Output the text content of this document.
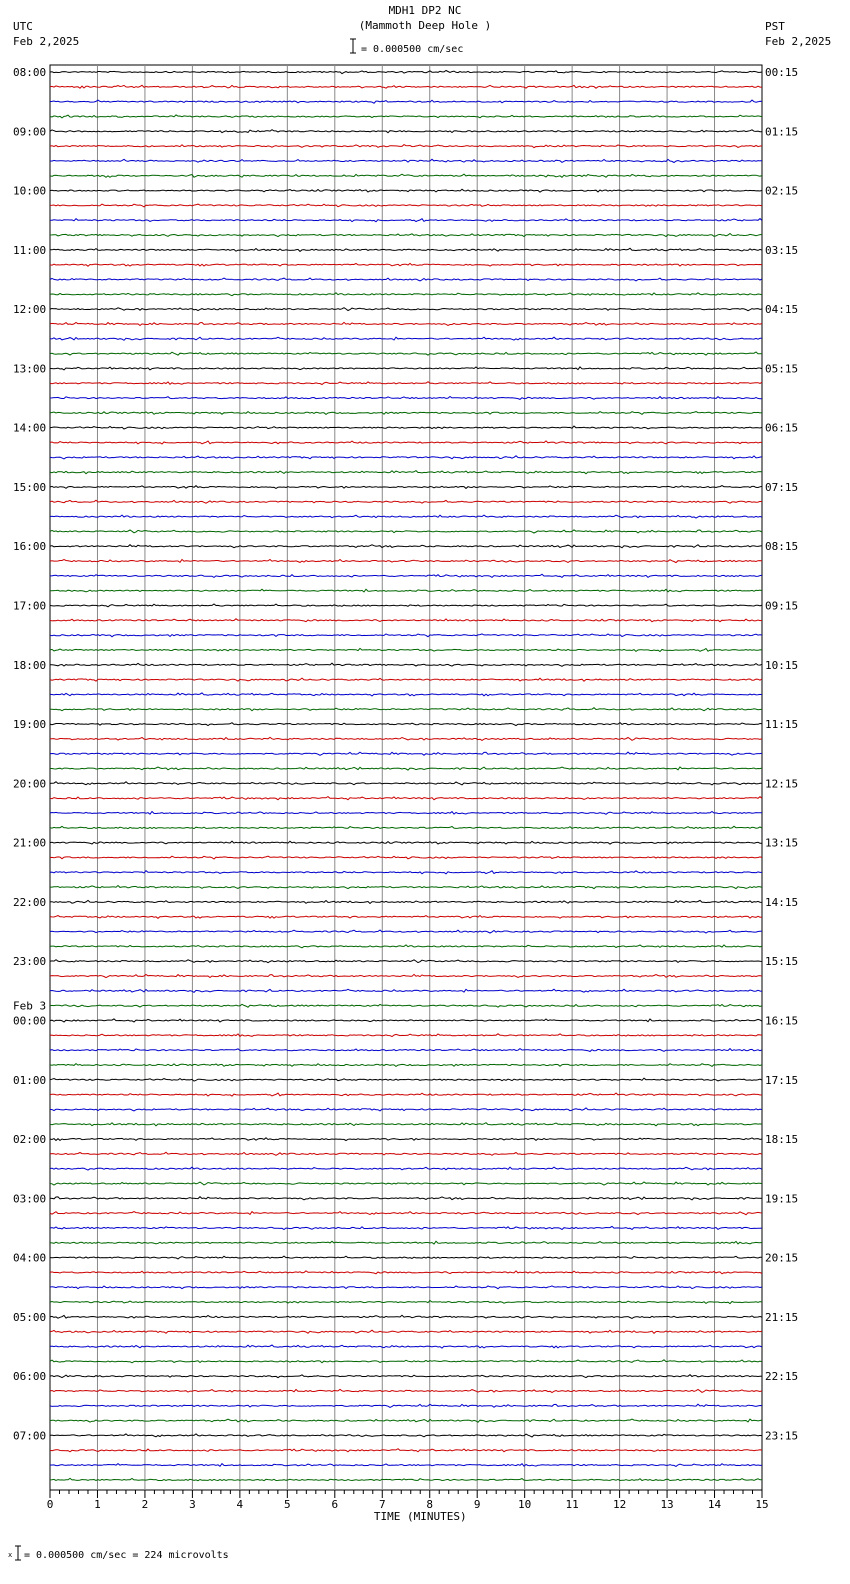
MDH1 DP2 NC
(Mammoth Deep Hole )
= 0.000500 cm/sec
UTC
Feb 2,2025
PST
Feb 2,2025
08:00
09:00
10:00
11:00
12:00
13:00
14:00
15:00
16:00
17:00
18:00
19:00
20:00
21:00
22:00
23:00
Feb 3
00:00
01:00
02:00
03:00
04:00
05:00
06:00
07:00
00:15
01:15
02:15
03:15
04:15
05:15
06:15
07:15
08:15
09:15
10:15
11:15
12:15
13:15
14:15
15:15
16:15
17:15
18:15
19:15
20:15
21:15
22:15
23:15
0	1	2	3	4	5	6	7	8	9	10	11	12	13	14	15
TIME (MINUTES)
x = 0.000500 cm/sec = 224 microvolts
